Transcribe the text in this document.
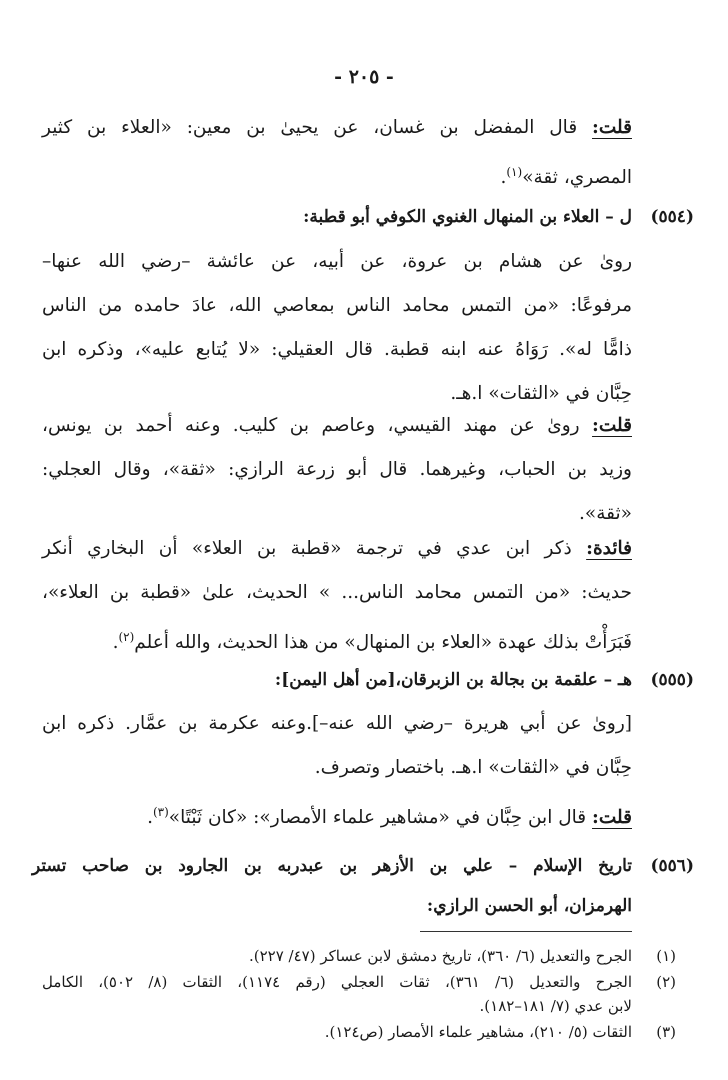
- ٢٠٥ -
قلت: قال المفضل بن غسان، عن يحيىٰ بن معين: «العلاء بن كثير
المصري، ثقة»$^{(١)}$.
(٥٥٤)
ل – العلاء بن المنهال الغنوي الكوفي أبو قطبة:
روىٰ عن هشام بن عروة، عن أبيه، عن عائشة –رضي الله عنها–
مرفوعًا: «من التمس محامد الناس بمعاصي الله، عادَ حامده من الناس
ذامًّا له». رَوَاهُ عنه ابنه قطبة. قال العقيلي: «لا يُتابع عليه»، وذكره ابن
حِبَّان في «الثقات» ا.هـ.
قلت: روىٰ عن مهند القيسي، وعاصم بن كليب. وعنه أحمد بن يونس،
وزيد بن الحباب، وغيرهما. قال أبو زرعة الرازي: «ثقة»، وقال العجلي:
«ثقة».
فائدة: ذكر ابن عدي في ترجمة «قطبة بن العلاء» أن البخاري أنكر
حديث: «من التمس محامد الناس... » الحديث، علىٰ «قطبة بن العلاء»،
فَبَرَأْتْ بذلك عهدة «العلاء بن المنهال» من هذا الحديث، والله أعلم$^{(٢)}$.
(٥٥٥)
هـ – علقمة بن بجالة بن الزبرقان،[من أهل اليمن]:
[روىٰ عن أبي هريرة –رضي الله عنه–].وعنه عكرمة بن عمَّار. ذكره ابن
حِبَّان في «الثقات» ا.هـ. باختصار وتصرف.
قلت: قال ابن حِبَّان في «مشاهير علماء الأمصار»: «كان ثَبْتًا»$^{(٣)}$.
(٥٥٦)
تاريخ الإسلام – علي بن الأزهر بن عبدربه بن الجارود بن صاحب تستر
الهرمزان، أبو الحسن الرازي:
(١)
الجرح والتعديل (٦/ ٣٦٠)، تاريخ دمشق لابن عساكر (٤٧/ ٢٢٧).
(٢)
الجرح والتعديل (٦/ ٣٦١)، ثقات العجلي (رقم ١١٧٤)، الثقات (٨/ ٥٠٢)، الكامل
لابن عدي (٧/ ١٨١–١٨٢).
(٣)
الثقات (٥/ ٢١٠)، مشاهير علماء الأمصار (ص١٢٤).
